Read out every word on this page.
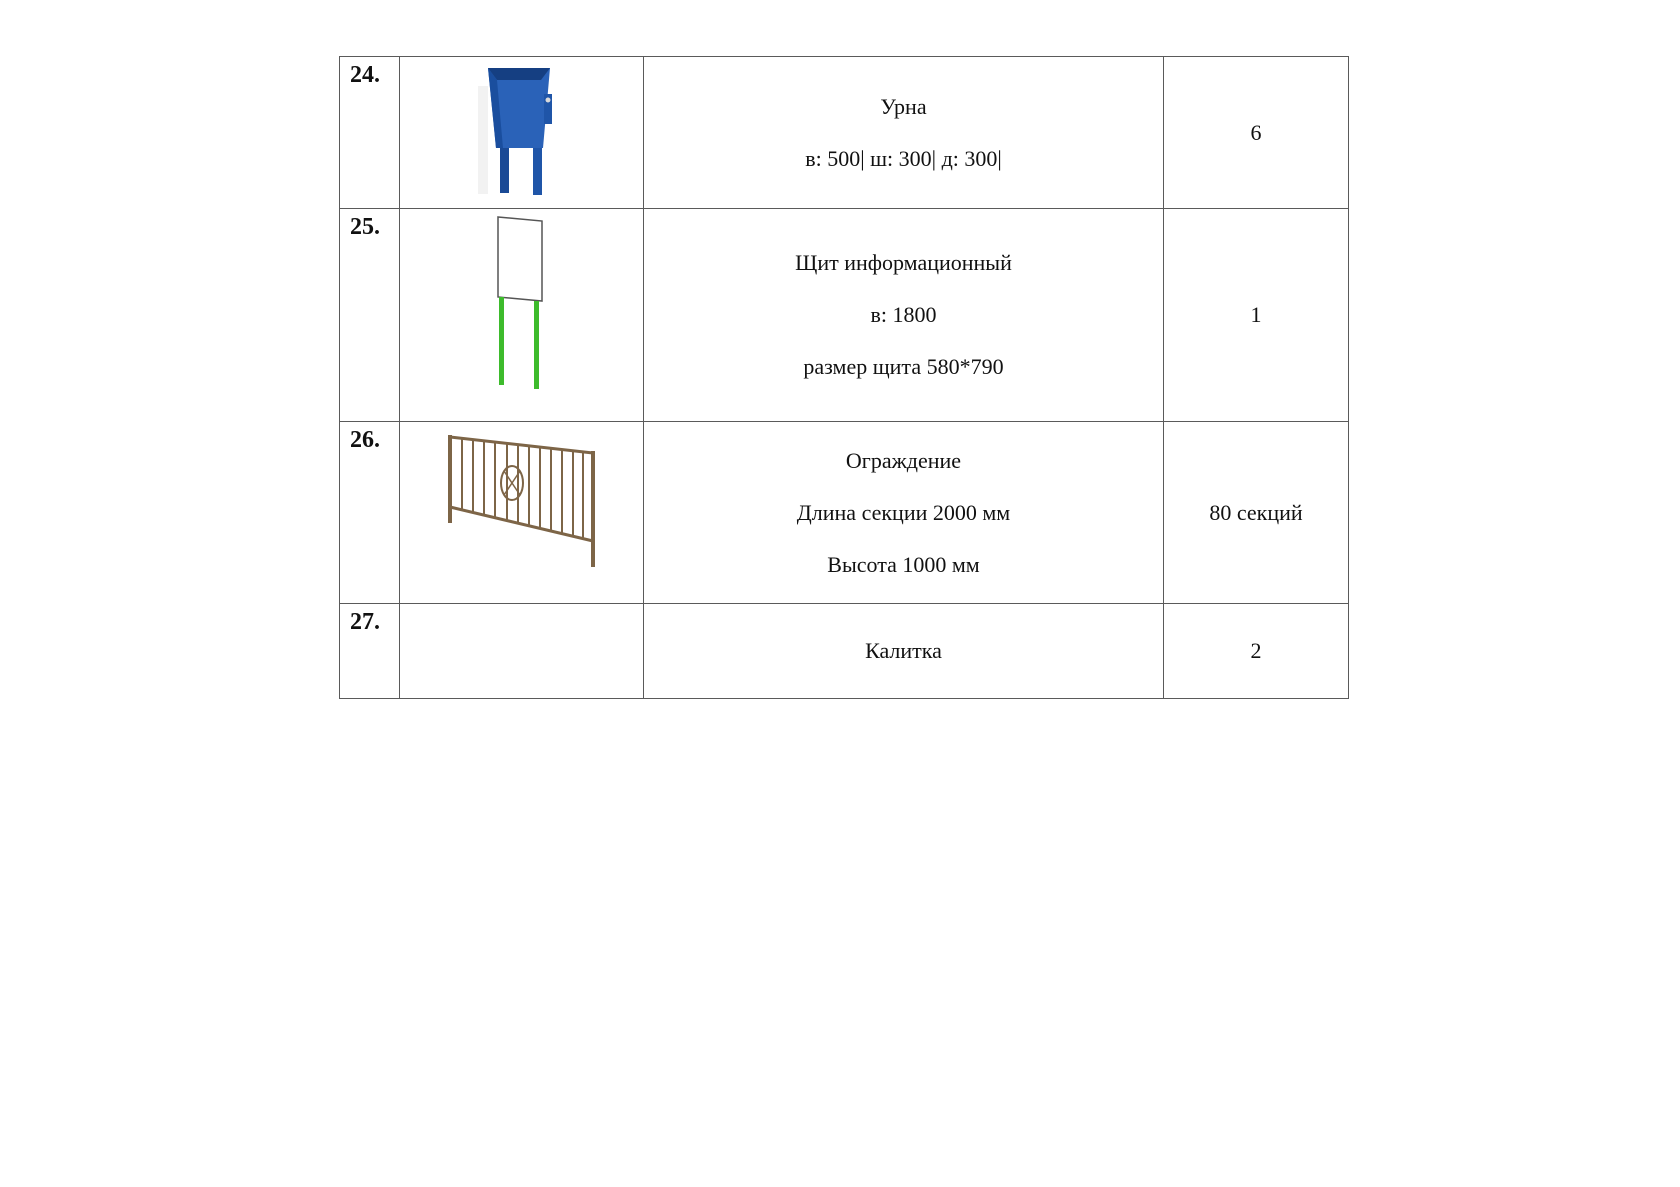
24.		Урна
в: 500| ш: 300| д: 300|	6

25.		Щит информационный
в: 1800
размер щита 580*790	1

26.		Ограждение
Длина секции 2000 мм
Высота 1000 мм	80 секций

27.		Калитка	2
